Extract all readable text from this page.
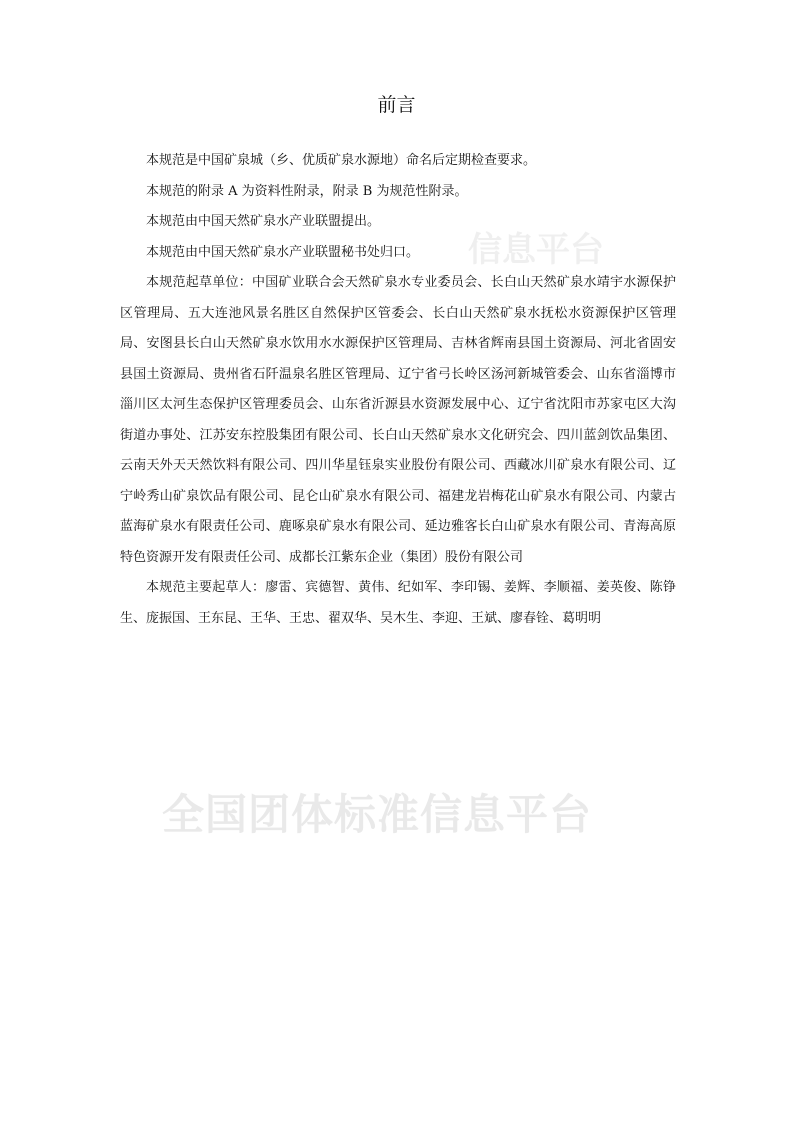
信息平台
全国团体标准信息平台
前言

本规范是中国矿泉城（乡、优质矿泉水源地）命名后定期检查要求。

本规范的附录 A 为资料性附录，附录 B 为规范性附录。

本规范由中国天然矿泉水产业联盟提出。

本规范由中国天然矿泉水产业联盟秘书处归口。

本规范起草单位：中国矿业联合会天然矿泉水专业委员会、长白山天然矿泉水靖宇水源保护区管理局、五大连池风景名胜区自然保护区管委会、长白山天然矿泉水抚松水资源保护区管理局、安图县长白山天然矿泉水饮用水水源保护区管理局、吉林省辉南县国土资源局、河北省固安县国土资源局、贵州省石阡温泉名胜区管理局、辽宁省弓长岭区汤河新城管委会、山东省淄博市淄川区太河生态保护区管理委员会、山东省沂源县水资源发展中心、辽宁省沈阳市苏家屯区大沟街道办事处、江苏安东控股集团有限公司、长白山天然矿泉水文化研究会、四川蓝剑饮品集团、云南天外天天然饮料有限公司、四川华星钰泉实业股份有限公司、西藏冰川矿泉水有限公司、辽宁岭秀山矿泉饮品有限公司、昆仑山矿泉水有限公司、福建龙岩梅花山矿泉水有限公司、内蒙古蓝海矿泉水有限责任公司、鹿啄泉矿泉水有限公司、延边雅客长白山矿泉水有限公司、青海高原特色资源开发有限责任公司、成都长江紫东企业（集团）股份有限公司

本规范主要起草人：廖雷、宾德智、黄伟、纪如军、李印锡、姜辉、李顺福、姜英俊、陈铮生、庞振国、王东昆、王华、王忠、翟双华、吴木生、李迎、王斌、廖春铨、葛明明
